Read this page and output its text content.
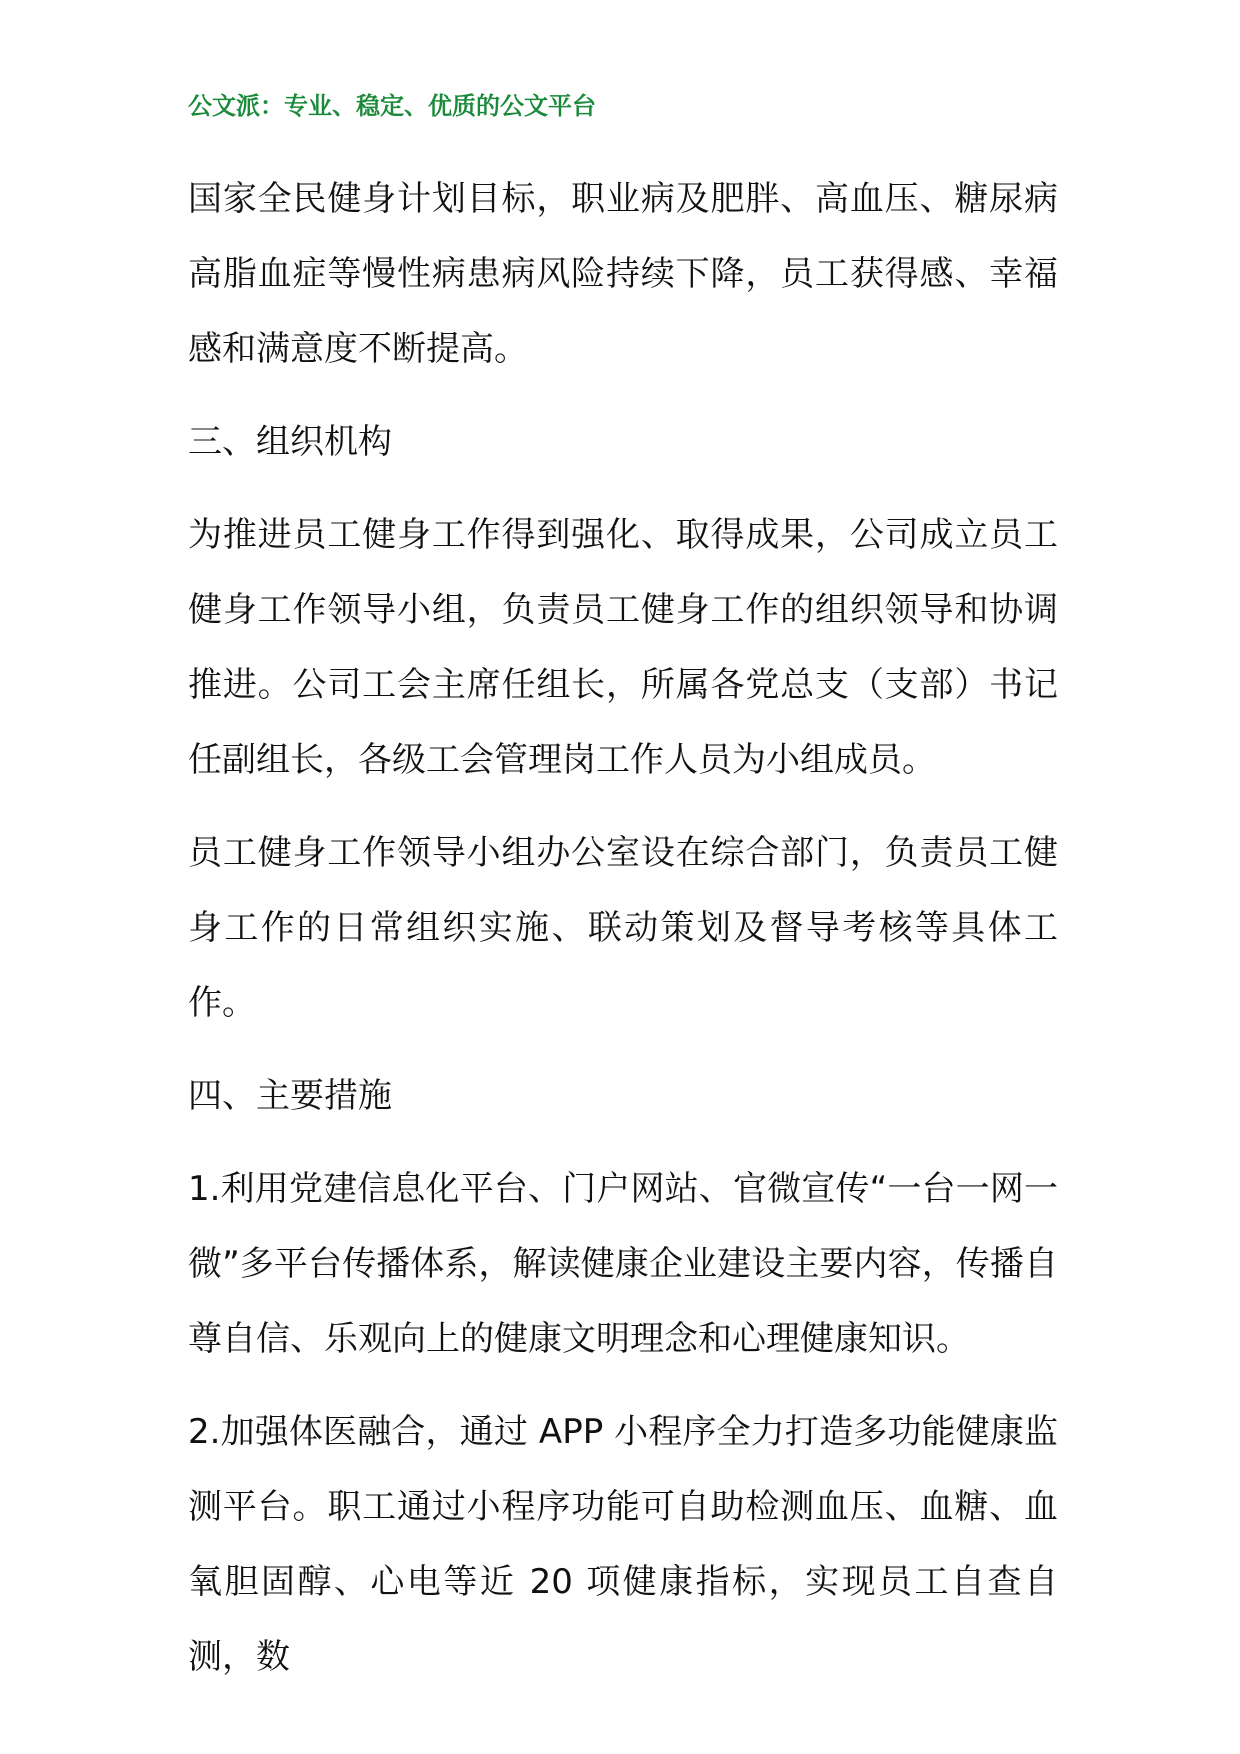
公文派：专业、稳定、优质的公文平台

国家全民健身计划目标，职业病及肥胖、高血压、糖尿病高脂血症等慢性病患病风险持续下降，员工获得感、幸福感和满意度不断提高。

三、组织机构

为推进员工健身工作得到强化、取得成果，公司成立员工健身工作领导小组，负责员工健身工作的组织领导和协调推进。公司工会主席任组长，所属各党总支（支部）书记任副组长，各级工会管理岗工作人员为小组成员。

员工健身工作领导小组办公室设在综合部门，负责员工健身工作的日常组织实施、联动策划及督导考核等具体工作。

四、主要措施

1.利用党建信息化平台、门户网站、官微宣传“一台一网一微”多平台传播体系，解读健康企业建设主要内容，传播自尊自信、乐观向上的健康文明理念和心理健康知识。

2.加强体医融合，通过 APP 小程序全力打造多功能健康监测平台。职工通过小程序功能可自助检测血压、血糖、血氧胆固醇、心电等近 20 项健康指标，实现员工自查自测，数
